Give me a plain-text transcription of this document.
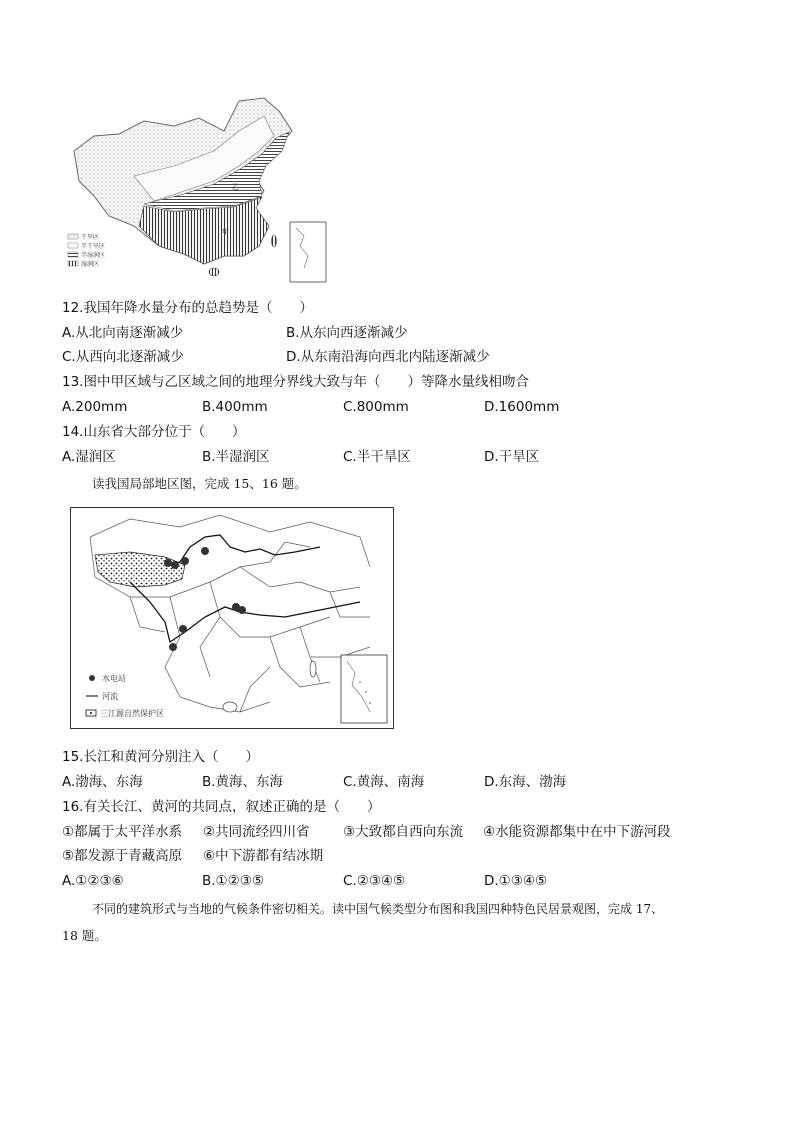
甲
乙
干旱区
半干旱区
半湿润区
湿润区
12.我国年降水量分布的总趋势是（　　）
A.从北向南逐渐减少	B.从东向西逐渐减少
C.从西向北逐渐减少	D.从东南沿海向西北内陆逐渐减少
13.图中甲区域与乙区域之间的地理分界线大致与年（　　）等降水量线相吻合
A.200mm	B.400mm	C.800mm	D.1600mm
14.山东省大部分位于（　　）
A.湿润区	B.半湿润区	C.半干旱区	D.干旱区
读我国局部地区图，完成 15、16 题。
水电站
河流
三江源自然保护区
15.长江和黄河分别注入（　　）
A.渤海、东海	B.黄海、东海	C.黄海、南海	D.东海、渤海
16.有关长江、黄河的共同点，叙述正确的是（　　）
①都属于太平洋水系 ②共同流经四川省 ③大致都自西向东流 ④水能资源都集中在中下游河段
⑤都发源于青藏高原 ⑥中下游都有结冰期
A.①②③⑥	B.①②③⑤	C.②③④⑤	D.①③④⑤
不同的建筑形式与当地的气候条件密切相关。读中国气候类型分布图和我国四种特色民居景观图，完成 17、
18 题。
